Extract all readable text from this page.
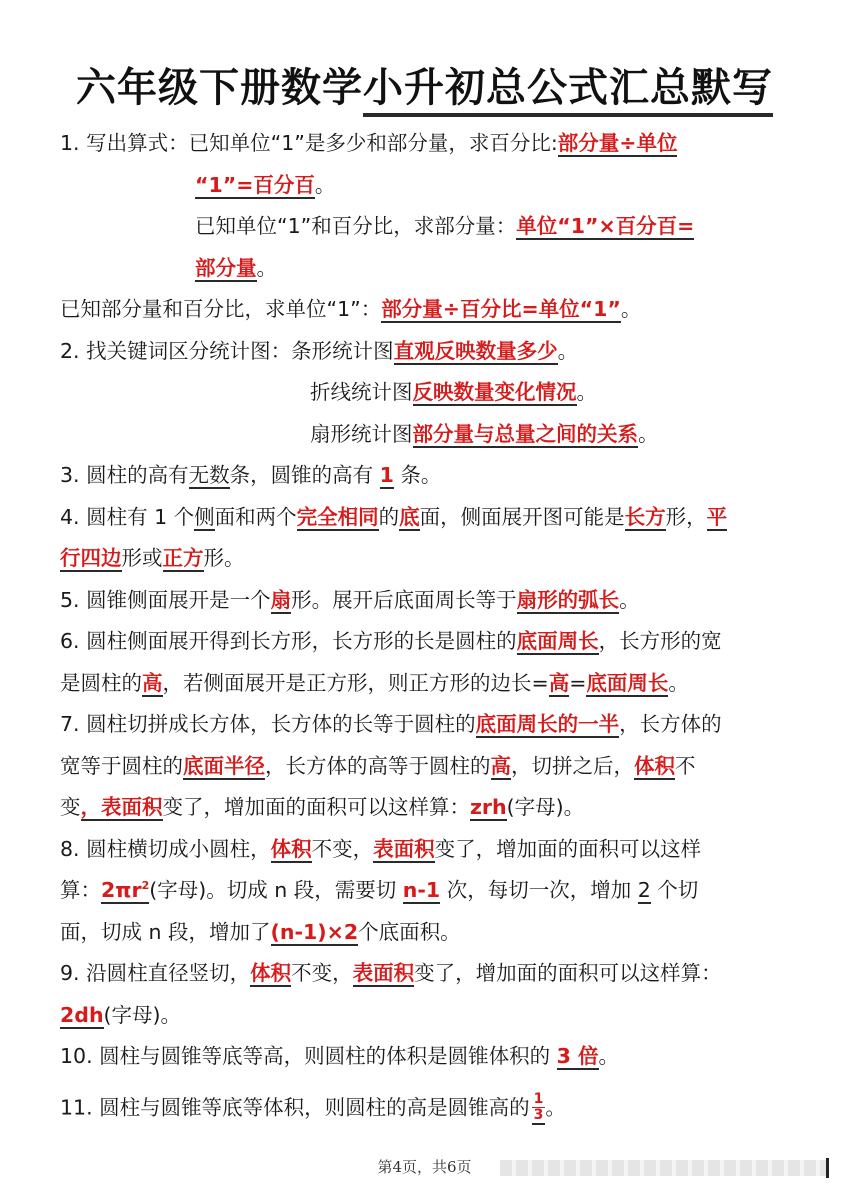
六年级下册数学小升初总公式汇总默写
1. 写出算式：已知单位“1”是多少和部分量，求百分比:部分量÷单位
“1”=百分百。
已知单位“1”和百分比，求部分量：单位“1”×百分百=
部分量。
已知部分量和百分比，求单位“1”：部分量÷百分比=单位“1”。
2. 找关键词区分统计图：条形统计图直观反映数量多少。
折线统计图反映数量变化情况。
扇形统计图部分量与总量之间的关系。
3. 圆柱的高有无数条，圆锥的高有 1 条。
4. 圆柱有 1 个侧面和两个完全相同的底面，侧面展开图可能是长方形，平
行四边形或正方形。
5. 圆锥侧面展开是一个扇形。展开后底面周长等于扇形的弧长。
6. 圆柱侧面展开得到长方形，长方形的长是圆柱的底面周长，长方形的宽
是圆柱的高，若侧面展开是正方形，则正方形的边长=高=底面周长。
7. 圆柱切拼成长方体，长方体的长等于圆柱的底面周长的一半，长方体的
宽等于圆柱的底面半径，长方体的高等于圆柱的高，切拼之后，体积不
变，表面积变了，增加面的面积可以这样算：zrh(字母)。
8. 圆柱横切成小圆柱，体积不变，表面积变了，增加面的面积可以这样
算：$2\pi r^2$(字母)。切成 n 段，需要切 n-1 次，每切一次，增加 2 个切
面，切成 n 段，增加了(n-1)×2个底面积。
9. 沿圆柱直径竖切，体积不变，表面积变了，增加面的面积可以这样算：
2dh(字母)。
10. 圆柱与圆锥等底等高，则圆柱的体积是圆锥体积的 3 倍。
11. 圆柱与圆锥等底等体积，则圆柱的高是圆锥高的 $\frac{1}{3}$ 。
第4页，共6页
